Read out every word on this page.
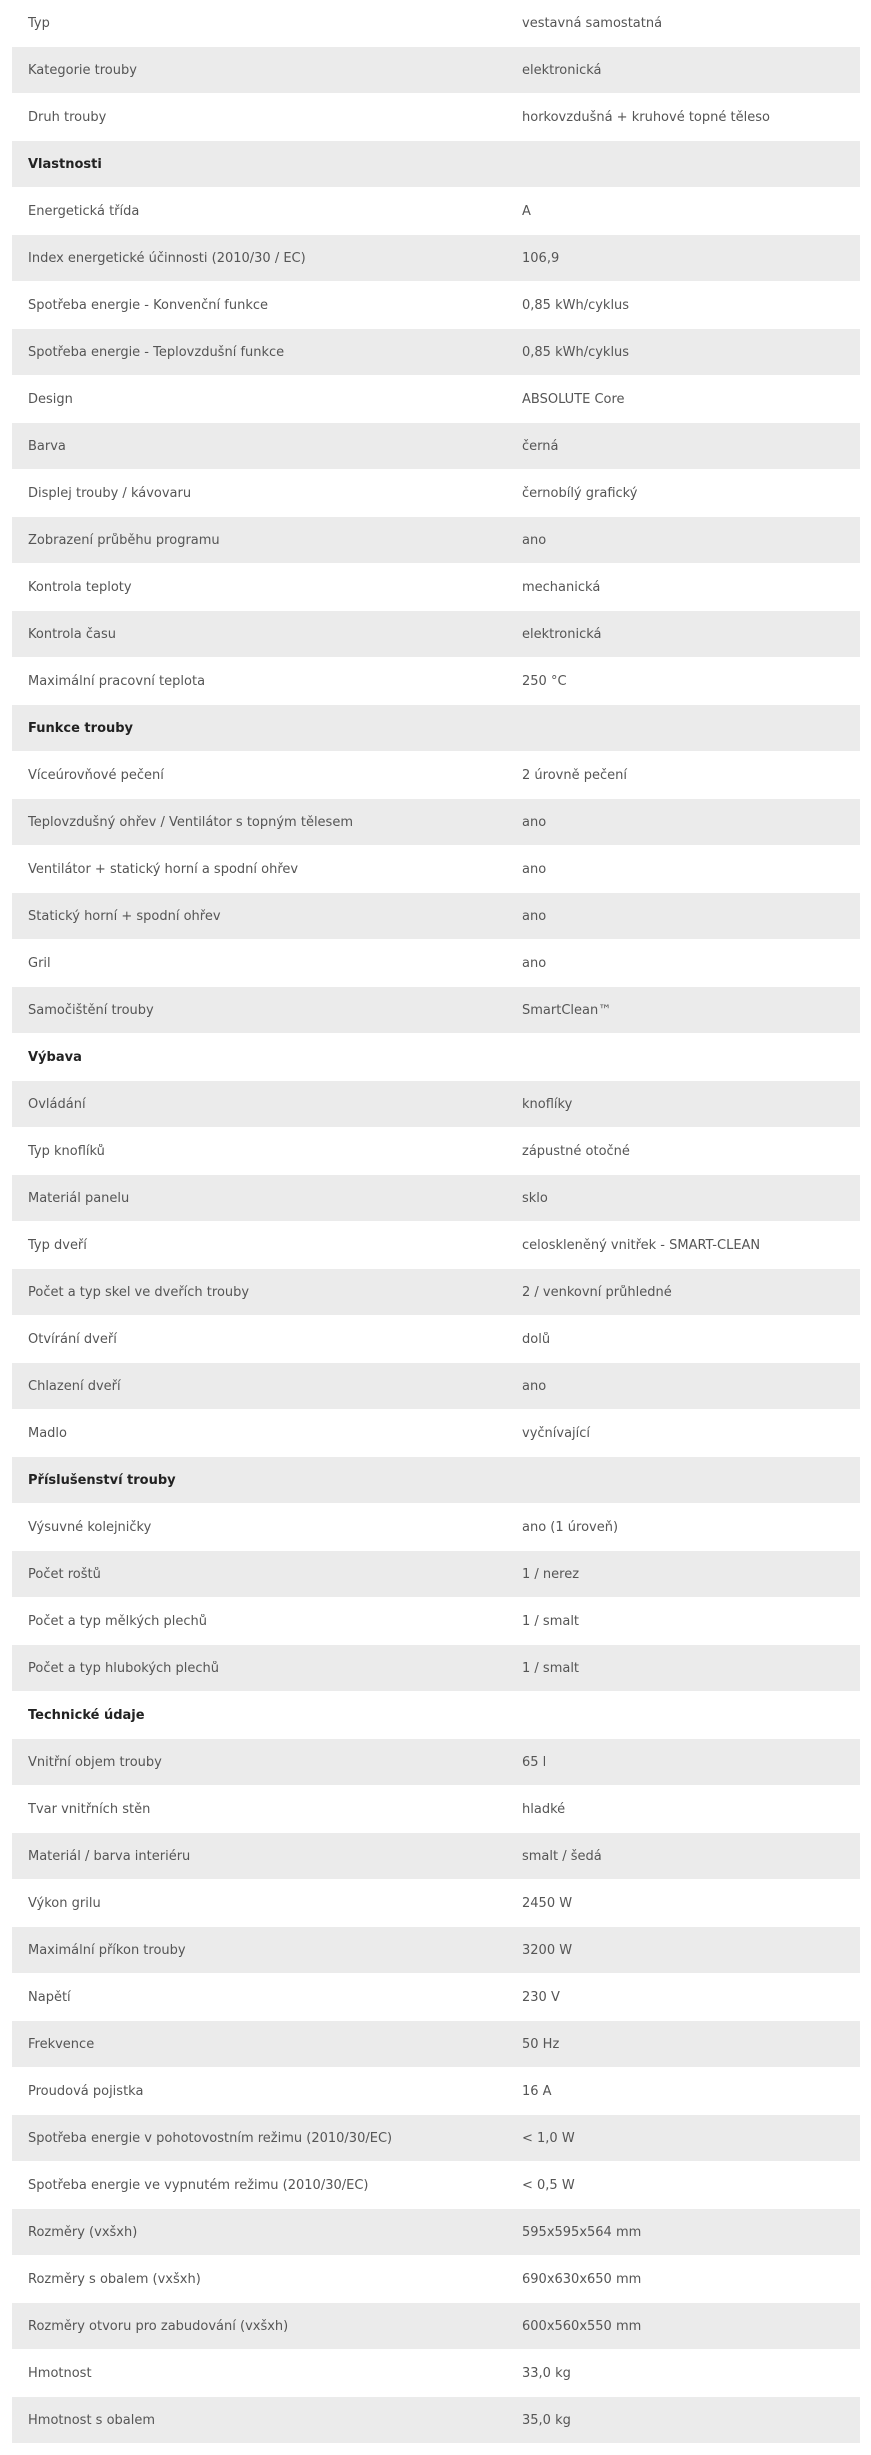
Typ	vestavná samostatná
Kategorie trouby	elektronická
Druh trouby	horkovzdušná + kruhové topné těleso
Vlastnosti
Energetická třída	A
Index energetické účinnosti (2010/30 / EC)	106,9
Spotřeba energie - Konvenční funkce	0,85 kWh/cyklus
Spotřeba energie - Teplovzdušní funkce	0,85 kWh/cyklus
Design	ABSOLUTE Core
Barva	černá
Displej trouby / kávovaru	černobílý grafický
Zobrazení průběhu programu	ano
Kontrola teploty	mechanická
Kontrola času	elektronická
Maximální pracovní teplota	250 °C
Funkce trouby
Víceúrovňové pečení	2 úrovně pečení
Teplovzdušný ohřev / Ventilátor s topným tělesem	ano
Ventilátor + statický horní a spodní ohřev	ano
Statický horní + spodní ohřev	ano
Gril	ano
Samočištění trouby	SmartClean™
Výbava
Ovládání	knoflíky
Typ knoflíků	zápustné otočné
Materiál panelu	sklo
Typ dveří	celoskleněný vnitřek - SMART-CLEAN
Počet a typ skel ve dveřích trouby	2 / venkovní průhledné
Otvírání dveří	dolů
Chlazení dveří	ano
Madlo	vyčnívající
Příslušenství trouby
Výsuvné kolejničky	ano (1 úroveň)
Počet roštů	1 / nerez
Počet a typ mělkých plechů	1 / smalt
Počet a typ hlubokých plechů	1 / smalt
Technické údaje
Vnitřní objem trouby	65 l
Tvar vnitřních stěn	hladké
Materiál / barva interiéru	smalt / šedá
Výkon grilu	2450 W
Maximální příkon trouby	3200 W
Napětí	230 V
Frekvence	50 Hz
Proudová pojistka	16 A
Spotřeba energie v pohotovostním režimu (2010/30/EC)	< 1,0 W
Spotřeba energie ve vypnutém režimu (2010/30/EC)	< 0,5 W
Rozměry (vxšxh)	595x595x564 mm
Rozměry s obalem (vxšxh)	690x630x650 mm
Rozměry otvoru pro zabudování (vxšxh)	600x560x550 mm
Hmotnost	33,0 kg
Hmotnost s obalem	35,0 kg
